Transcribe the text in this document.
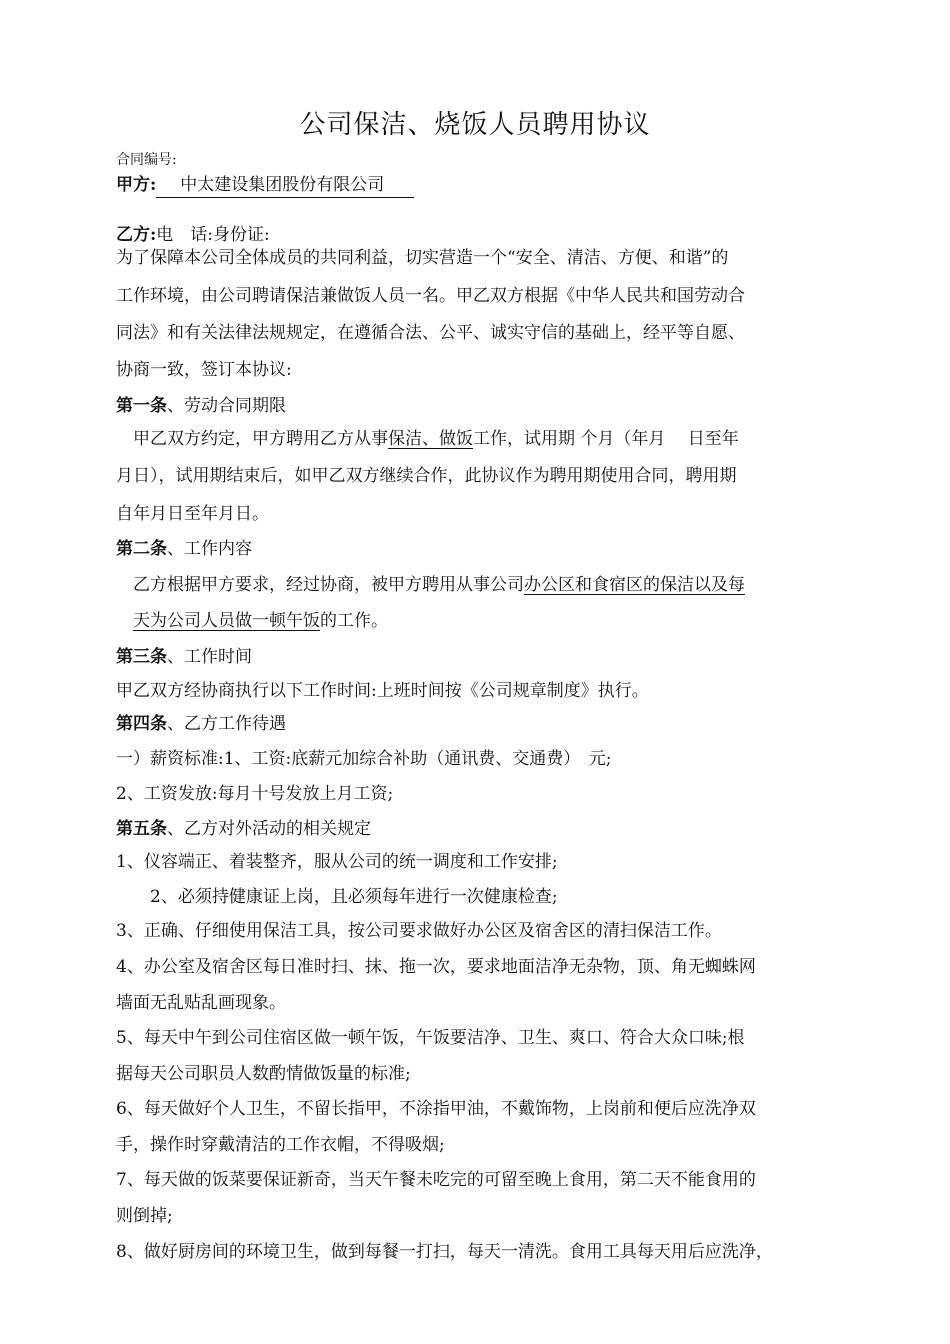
公司保洁、烧饭人员聘用协议
合同编号:
甲方: 中太建设集团股份有限公司
乙方:电　话:身份证:
为了保障本公司全体成员的共同利益，切实营造一个“安全、清洁、方便、和谐”的
工作环境，由公司聘请保洁兼做饭人员一名。甲乙双方根据《中华人民共和国劳动合
同法》和有关法律法规规定，在遵循合法、公平、诚实守信的基础上，经平等自愿、
协商一致，签订本协议:
第一条、劳动合同期限
　甲乙双方约定，甲方聘用乙方从事保洁、做饭工作，试用期 个月（年月　 日至年
月日），试用期结束后，如甲乙双方继续合作，此协议作为聘用期使用合同，聘用期
自年月日至年月日。
第二条、工作内容
　乙方根据甲方要求，经过协商，被甲方聘用从事公司办公区和食宿区的保洁以及每
天为公司人员做一顿午饭的工作。
第三条、工作时间
甲乙双方经协商执行以下工作时间:上班时间按《公司规章制度》执行。
第四条、乙方工作待遇
一）薪资标准:1、工资:底薪元加综合补助（通讯费、交通费）　元;
2、工资发放:每月十号发放上月工资;
第五条、乙方对外活动的相关规定
1、仪容端正、着装整齐，服从公司的统一调度和工作安排;
　2、必须持健康证上岗，且必须每年进行一次健康检查;
3、正确、仔细使用保洁工具，按公司要求做好办公区及宿舍区的清扫保洁工作。
4、办公室及宿舍区每日准时扫、抹、拖一次，要求地面洁净无杂物，顶、角无蜘蛛网
墙面无乱贴乱画现象。
5、每天中午到公司住宿区做一顿午饭，午饭要洁净、卫生、爽口、符合大众口味;根
据每天公司职员人数酌情做饭量的标准;
6、每天做好个人卫生，不留长指甲，不涂指甲油，不戴饰物，上岗前和便后应洗净双
手，操作时穿戴清洁的工作衣帽，不得吸烟;
7、每天做的饭菜要保证新奇，当天午餐未吃完的可留至晚上食用，第二天不能食用的
则倒掉;
8、做好厨房间的环境卫生，做到每餐一打扫，每天一清洗。食用工具每天用后应洗净，
